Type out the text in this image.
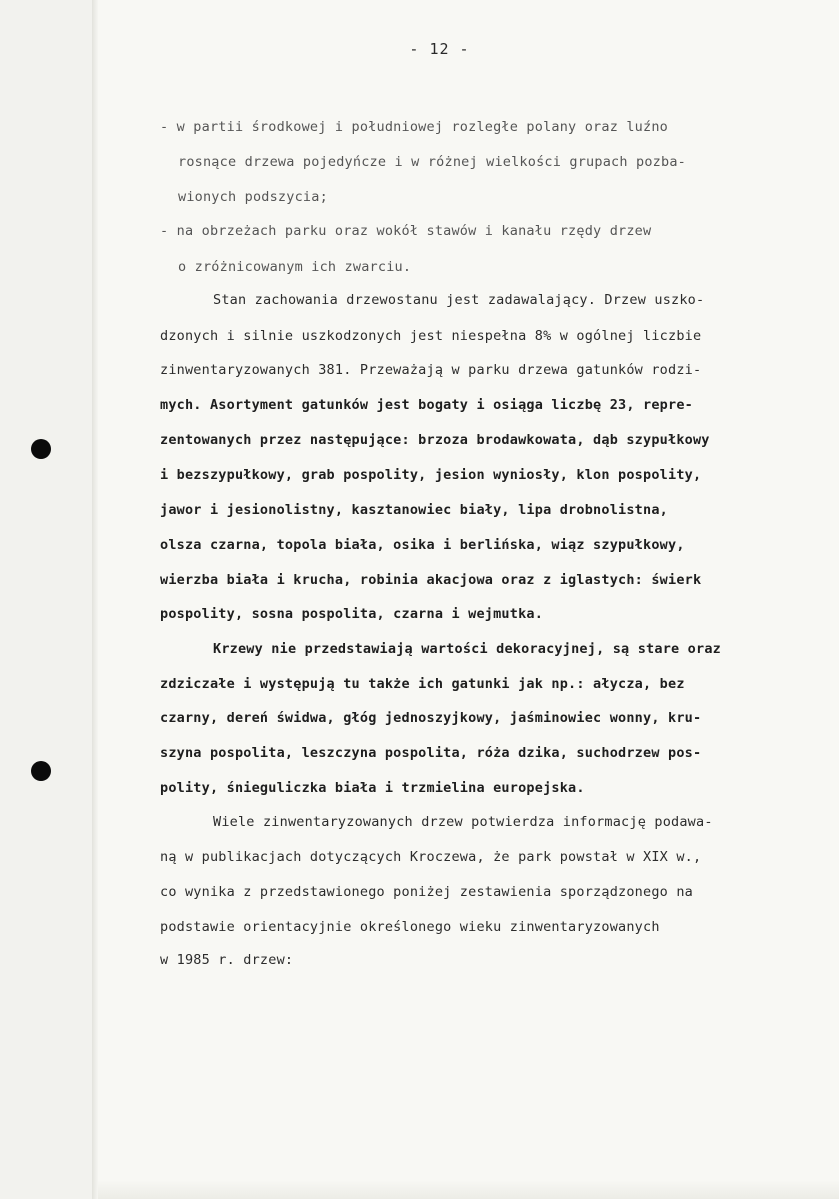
- 12 -
- w partii środkowej i południowej rozległe polany oraz luźno
rosnące drzewa pojedyńcze i w różnej wielkości grupach pozba-
wionych podszycia;
- na obrzeżach parku oraz wokół stawów i kanału rzędy drzew
o zróżnicowanym ich zwarciu.
Stan zachowania drzewostanu jest zadawalający. Drzew uszko-
dzonych i silnie uszkodzonych jest niespełna 8% w ogólnej liczbie
zinwentaryzowanych 381. Przeważają w parku drzewa gatunków rodzi-
mych. Asortyment gatunków jest bogaty i osiąga liczbę 23, repre-
zentowanych przez następujące: brzoza brodawkowata, dąb szypułkowy
i bezszypułkowy, grab pospolity, jesion wyniosły, klon pospolity,
jawor i jesionolistny, kasztanowiec biały, lipa drobnolistna,
olsza czarna, topola biała, osika i berlińska, wiąz szypułkowy,
wierzba biała i krucha, robinia akacjowa oraz z iglastych: świerk
pospolity, sosna pospolita, czarna i wejmutka.
Krzewy nie przedstawiają wartości dekoracyjnej, są stare oraz
zdziczałe i występują tu także ich gatunki jak np.: ałycza, bez
czarny, dereń świdwa, głóg jednoszyjkowy, jaśminowiec wonny, kru-
szyna pospolita, leszczyna pospolita, róża dzika, suchodrzew pos-
polity, śnieguliczka biała i trzmielina europejska.
Wiele zinwentaryzowanych drzew potwierdza informację podawa-
ną w publikacjach dotyczących Kroczewa, że park powstał w XIX w.,
co wynika z przedstawionego poniżej zestawienia sporządzonego na
podstawie orientacyjnie określonego wieku zinwentaryzowanych
w 1985 r. drzew:
